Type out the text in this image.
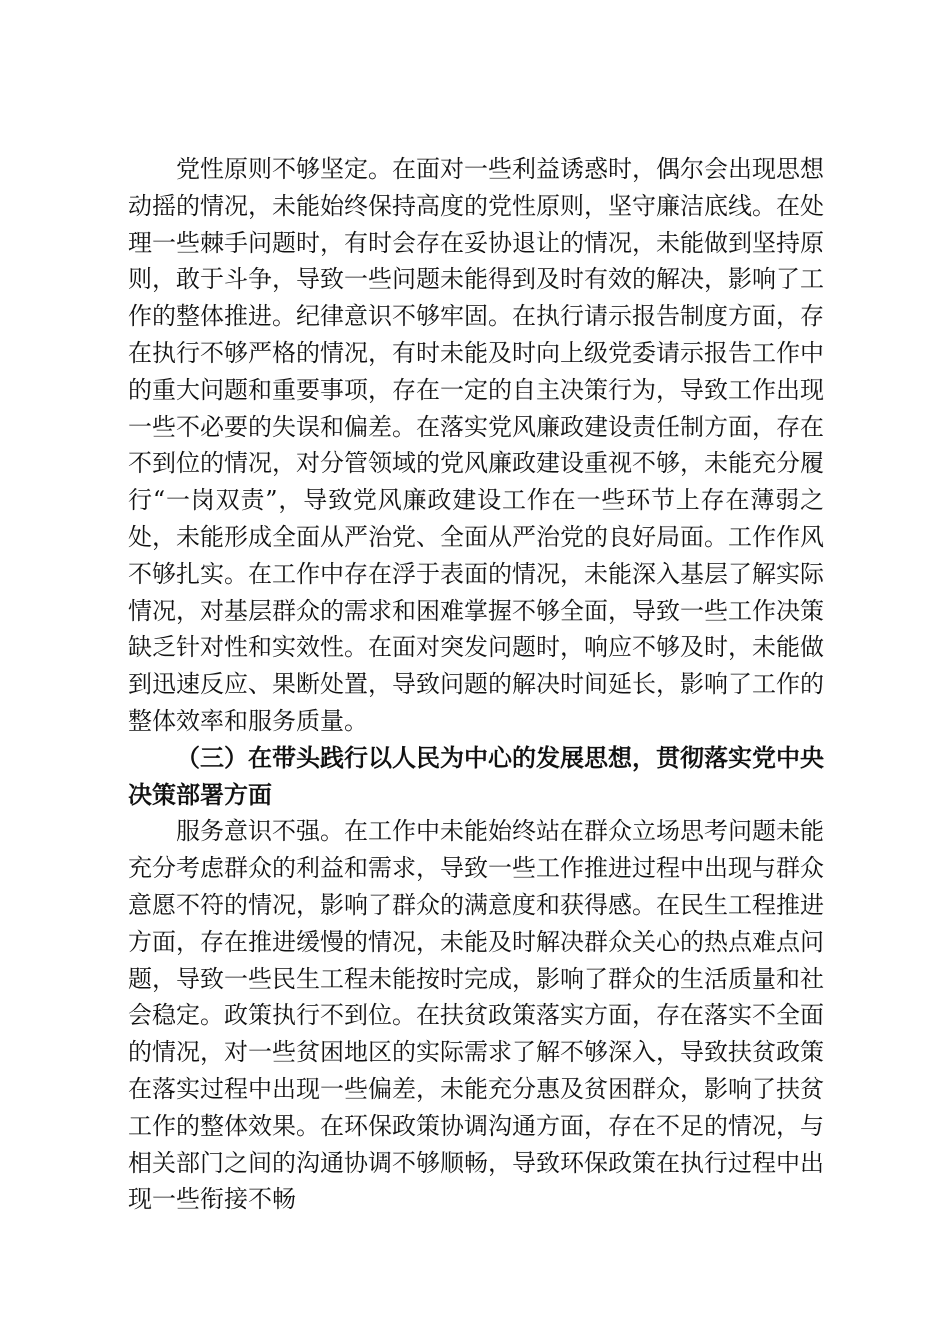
党性原则不够坚定。在面对一些利益诱惑时，偶尔会出现思想动摇的情况，未能始终保持高度的党性原则，坚守廉洁底线。在处理一些棘手问题时，有时会存在妥协退让的情况，未能做到坚持原则，敢于斗争，导致一些问题未能得到及时有效的解决，影响了工作的整体推进。纪律意识不够牢固。在执行请示报告制度方面，存在执行不够严格的情况，有时未能及时向上级党委请示报告工作中的重大问题和重要事项，存在一定的自主决策行为，导致工作出现一些不必要的失误和偏差。在落实党风廉政建设责任制方面，存在不到位的情况，对分管领域的党风廉政建设重视不够，未能充分履行“一岗双责”，导致党风廉政建设工作在一些环节上存在薄弱之处，未能形成全面从严治党、全面从严治党的良好局面。工作作风不够扎实。在工作中存在浮于表面的情况，未能深入基层了解实际情况，对基层群众的需求和困难掌握不够全面，导致一些工作决策缺乏针对性和实效性。在面对突发问题时，响应不够及时，未能做到迅速反应、果断处置，导致问题的解决时间延长，影响了工作的整体效率和服务质量。

（三）在带头践行以人民为中心的发展思想，贯彻落实党中央决策部署方面

服务意识不强。在工作中未能始终站在群众立场思考问题未能充分考虑群众的利益和需求，导致一些工作推进过程中出现与群众意愿不符的情况，影响了群众的满意度和获得感。在民生工程推进方面，存在推进缓慢的情况，未能及时解决群众关心的热点难点问题，导致一些民生工程未能按时完成，影响了群众的生活质量和社会稳定。政策执行不到位。在扶贫政策落实方面，存在落实不全面的情况，对一些贫困地区的实际需求了解不够深入，导致扶贫政策在落实过程中出现一些偏差，未能充分惠及贫困群众，影响了扶贫工作的整体效果。在环保政策协调沟通方面，存在不足的情况，与相关部门之间的沟通协调不够顺畅，导致环保政策在执行过程中出现一些衔接不畅
